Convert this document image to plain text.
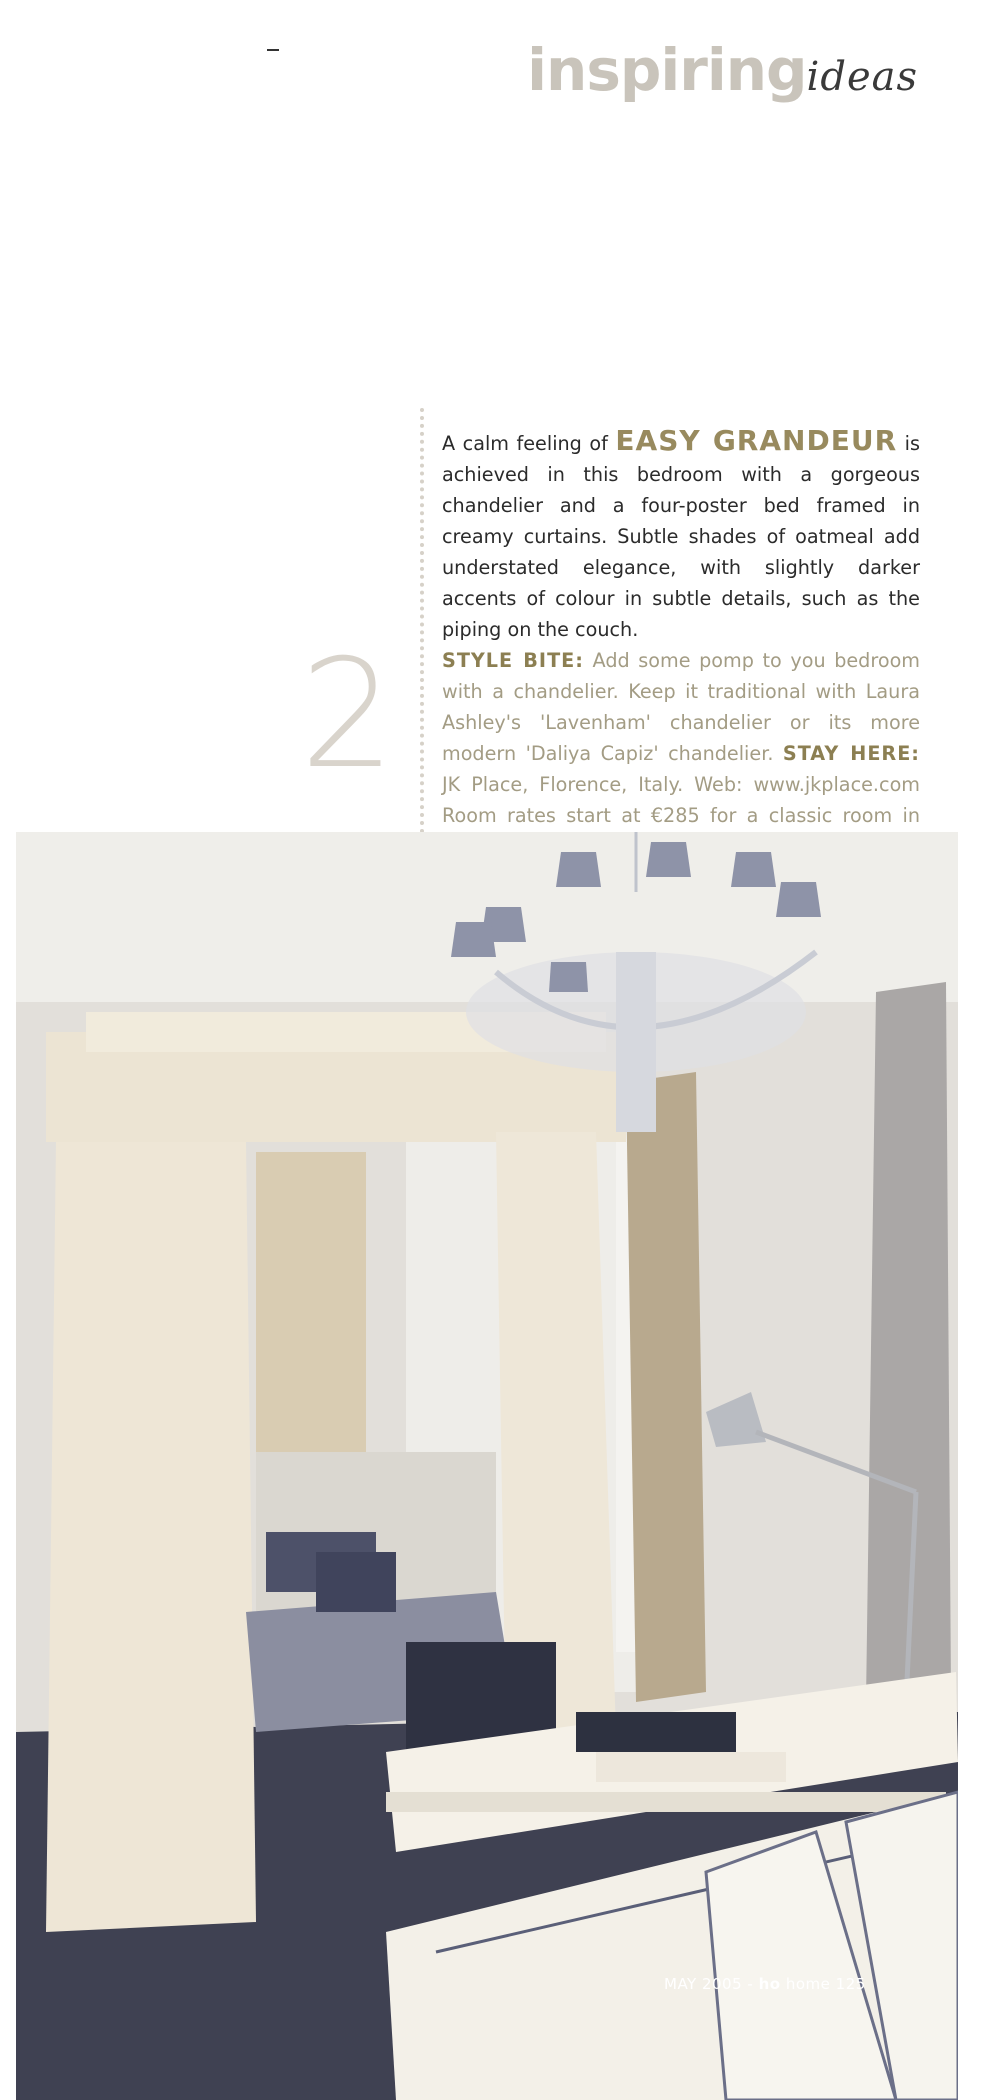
inspiringideas
2

A calm feeling of EASY GRANDEUR is achieved in this bedroom with a gorgeous chandelier and a four-poster bed framed in creamy curtains. Subtle shades of oatmeal add understated elegance, with slightly darker accents of colour in subtle details, such as the piping on the couch.

STYLE BITE: Add some pomp to you bedroom with a chandelier. Keep it traditional with Laura Ashley's 'Lavenham' chandelier or its more modern 'Daliya Capiz' chandelier. STAY HERE: JK Place, Florence, Italy. Web: www.jkplace.com Room rates start at €285 for a classic room in

MAY 2005 - ho home 125
